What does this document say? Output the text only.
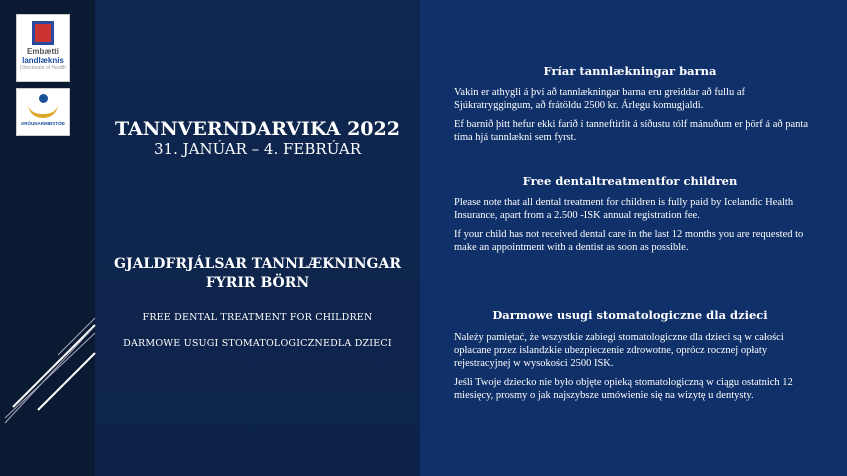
Embætti
landlæknis
Directorate of Health
ÞRÓUNARMIÐSTÖÐ	TANNVERNDARVIKA 2022
31. JANÚAR – 4. FEBRÚAR
GJALDFRJÁLSAR TANNLÆKNINGAR FYRIR BÖRN
FREE DENTAL TREATMENT FOR CHILDREN
DARMOWE USUGI STOMATOLOGICZNEDLA DZIECI
Fríar tannlækningar barna

Vakin er athygli á því að tannlækningar barna eru greiddar að fullu af Sjúkratryggingum, að frátöldu 2500 kr. Árlegu komugjaldi.

Ef barnið þitt hefur ekki farið í tanneftirlit á síðustu tólf mánuðum er þörf á að panta tíma hjá tannlækni sem fyrst.

Free dentaltreatmentfor children

Please note that all dental treatment for children is fully paid by Icelandic Health Insurance, apart from a 2.500 -ISK annual registration fee.

If your child has not received dental care in the last 12 months you are requested to make an appointment with a dentist as soon as possible.

Darmowe usugi stomatologiczne dla dzieci

Należy pamiętać, że wszystkie zabiegi stomatologiczne dla dzieci są w całości opłacane przez islandzkie ubezpieczenie zdrowotne, oprócz rocznej opłaty rejestracyjnej w wysokości 2500 ISK.

Jeśli Twoje dziecko nie było objęte opieką stomatologiczną w ciągu ostatnich 12 miesięcy, prosmy o jak najszybsze umówienie się na wizytę u dentysty.
